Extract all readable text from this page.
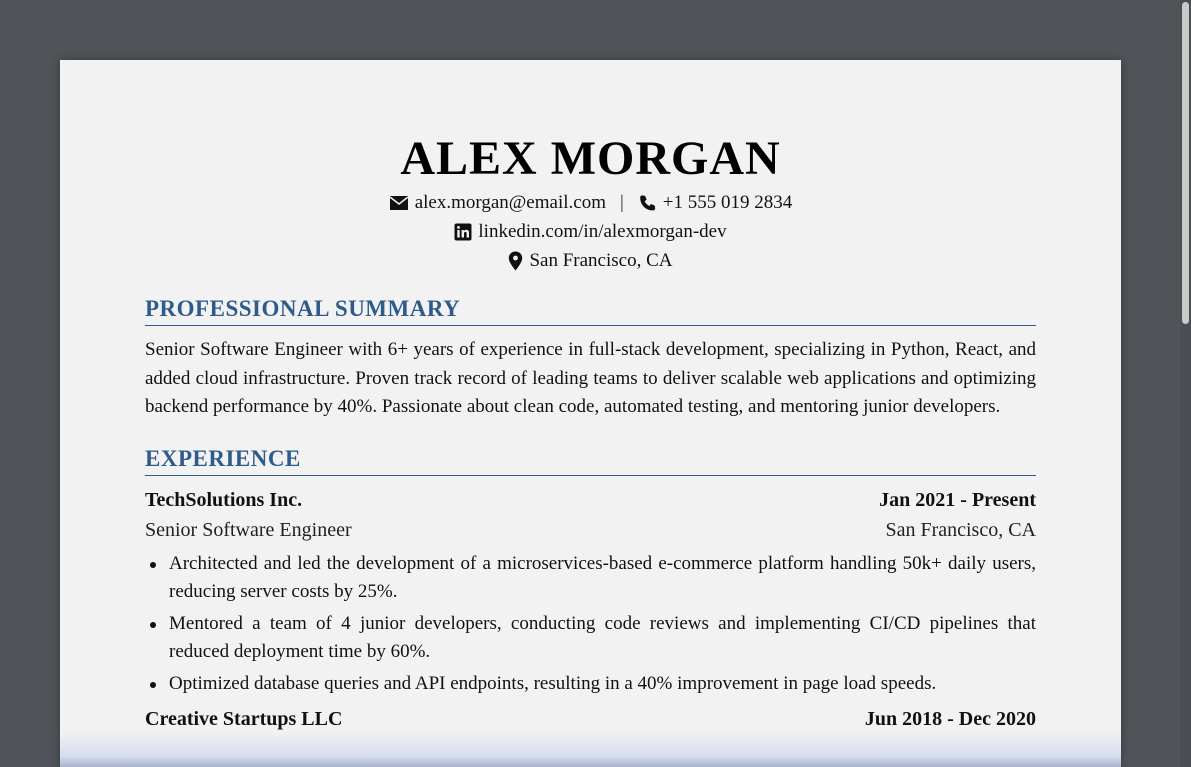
ALEX MORGAN
alex.morgan@email.com | +1 555 019 2834
linkedin.com/in/alexmorgan-dev
San Francisco, CA
PROFESSIONAL SUMMARY

Senior Software Engineer with 6+ years of experience in full-stack development, specializing in Python, React, and added cloud infrastructure. Proven track record of leading teams to deliver scalable web applications and optimizing backend performance by 40%. Passionate about clean code, automated testing, and mentoring junior developers.

EXPERIENCE
TechSolutions Inc.	Jan 2021 - Present
Senior Software Engineer	San Francisco, CA
Architected and led the development of a microservices-based e-commerce platform handling 50k+ daily users, reducing server costs by 25%.
Mentored a team of 4 junior developers, conducting code reviews and implementing CI/CD pipelines that reduced deployment time by 60%.
Optimized database queries and API endpoints, resulting in a 40% improvement in page load speeds.
Creative Startups LLC	Jun 2018 - Dec 2020
